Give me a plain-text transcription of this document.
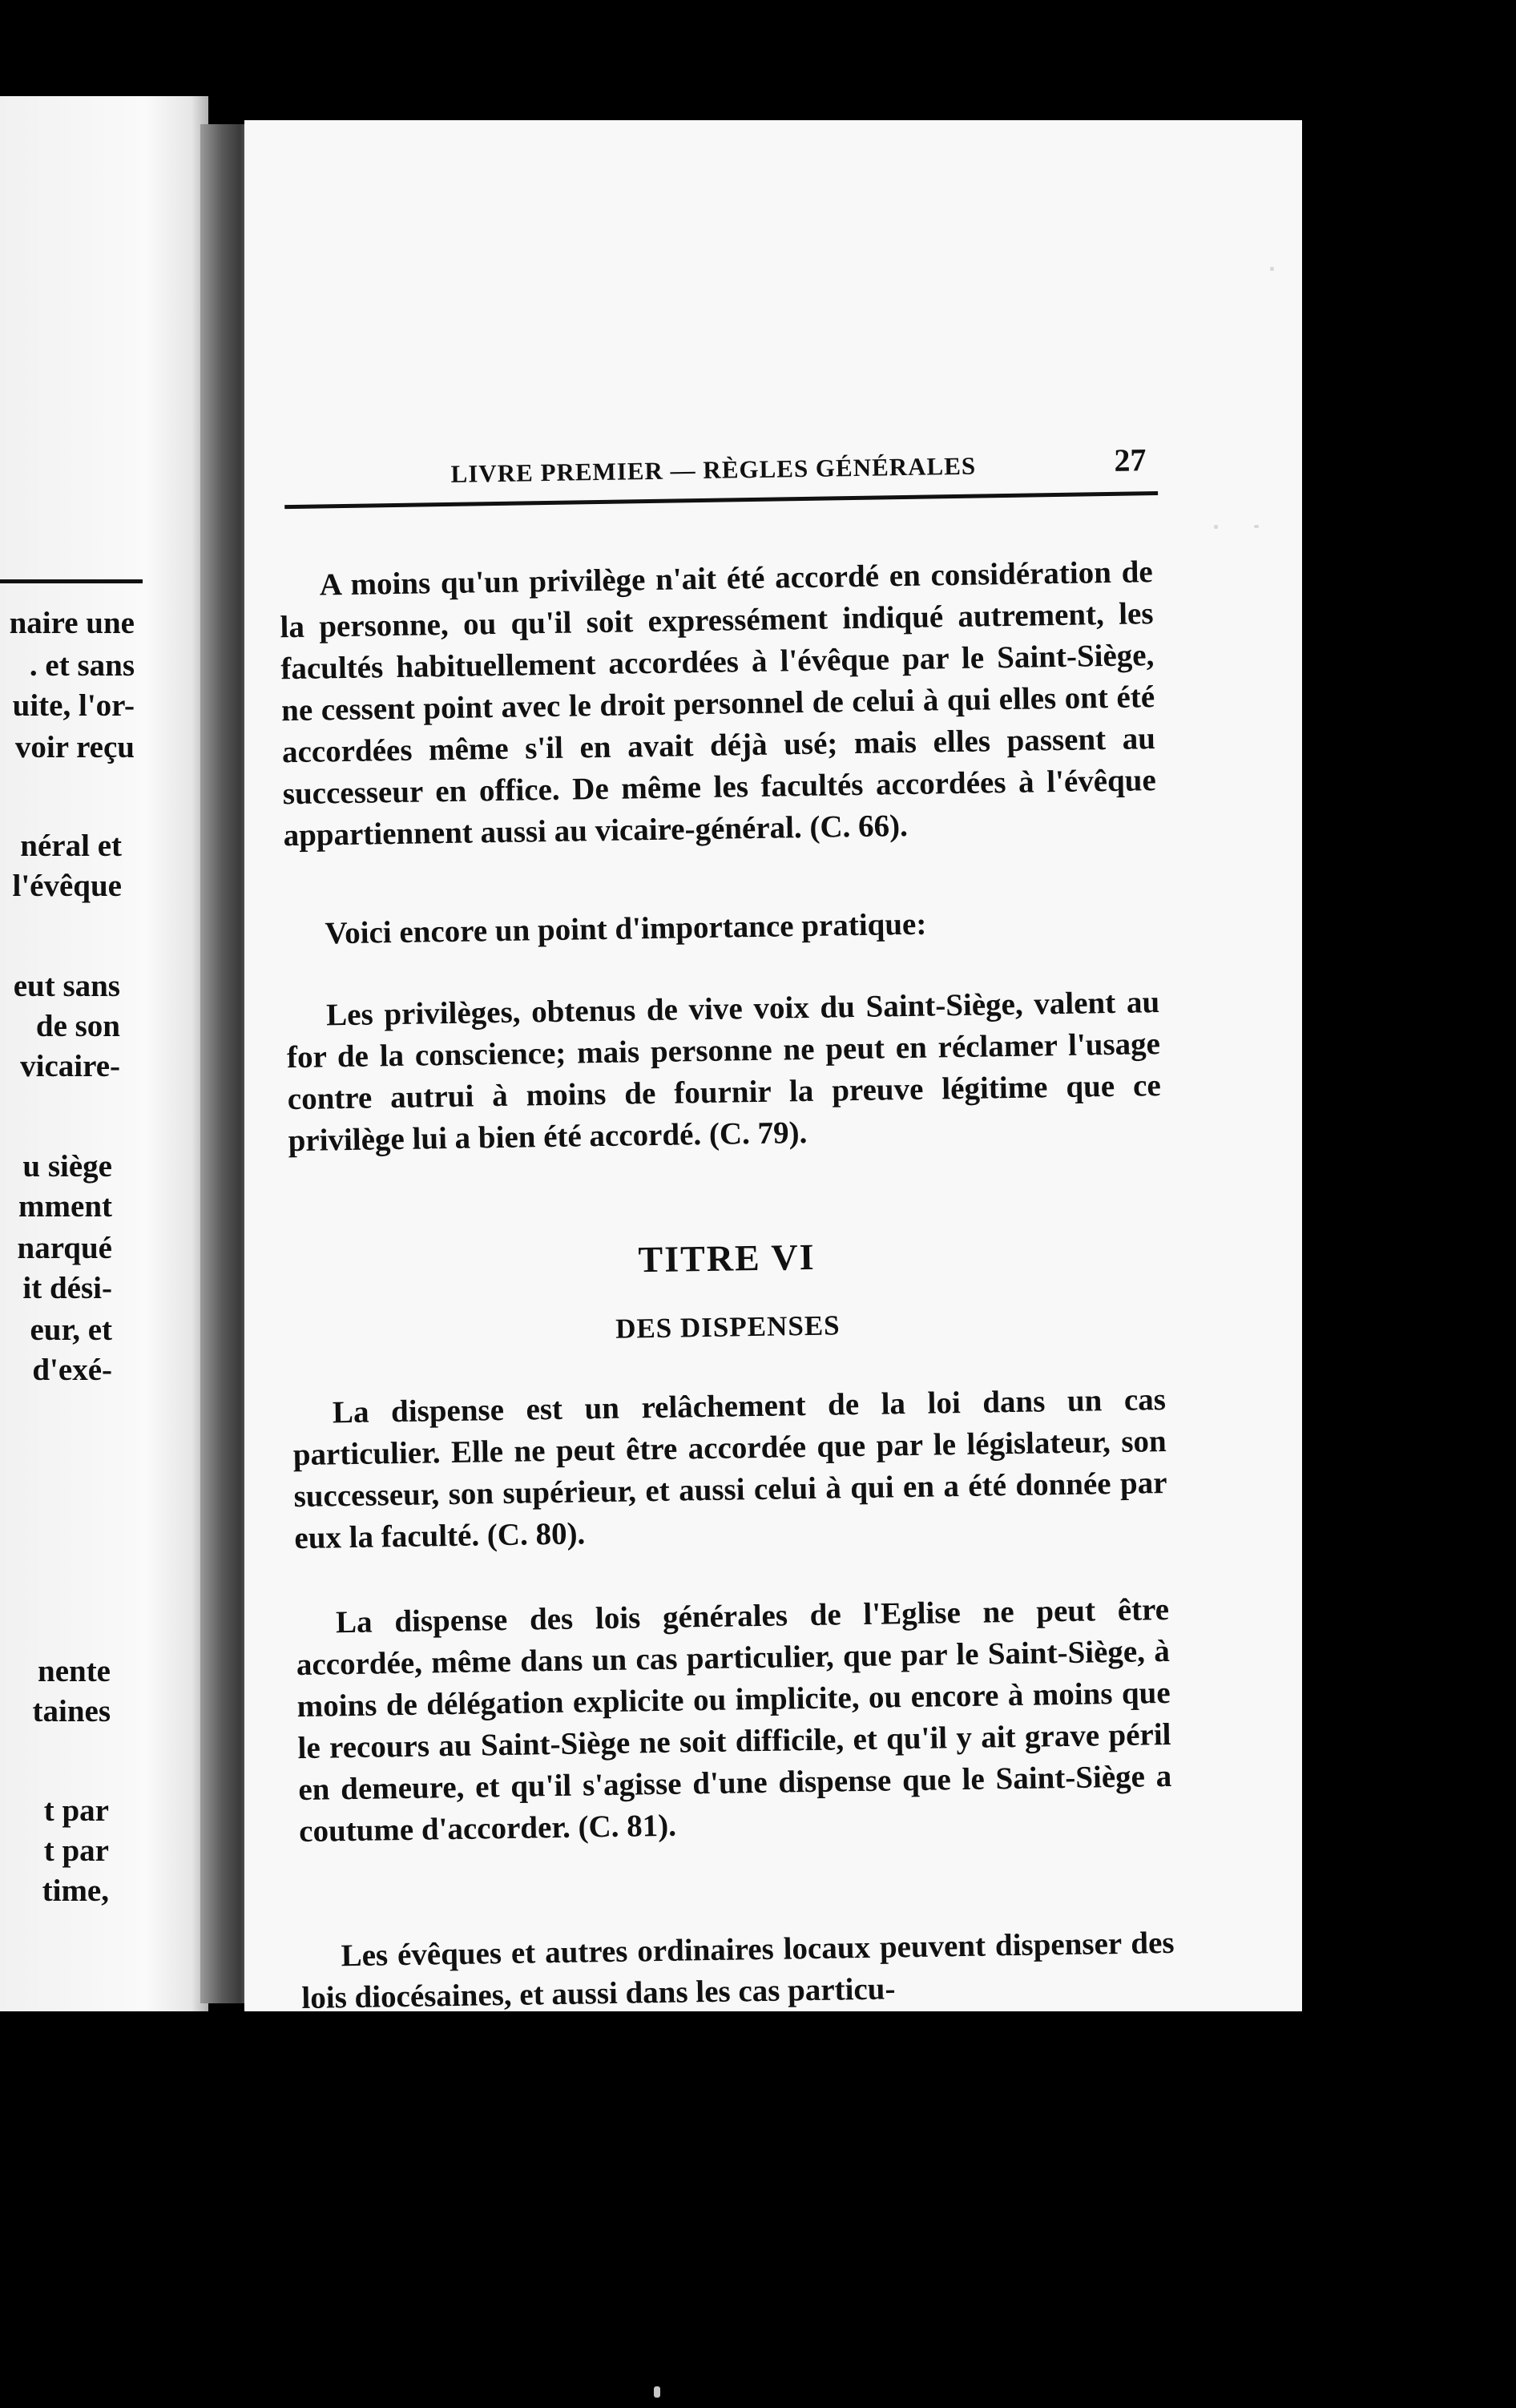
naire une
. et sans
uite, l'or-
voir reçu
néral et
l'évêque
eut sans
de son
vicaire-
u siège
mment
narqué
it dési-
eur, et
d'exé-
nente
taines
t par
t par
time,
LIVRE PREMIER — RÈGLES GÉNÉRALES	27

A moins qu'un privilège n'ait été accordé en considération de la personne, ou qu'il soit expressément indiqué autrement, les facultés habituellement accordées à l'évêque par le Saint-Siège, ne cessent point avec le droit personnel de celui à qui elles ont été accordées même s'il en avait déjà usé; mais elles passent au successeur en office. De même les facultés accordées à l'évêque appartiennent aussi au vicaire-général. (C. 66).

Voici encore un point d'importance pratique:

Les privilèges, obtenus de vive voix du Saint-Siège, valent au for de la conscience; mais personne ne peut en réclamer l'usage contre autrui à moins de fournir la preuve légitime que ce privilège lui a bien été accordé. (C. 79).

TITRE VI
DES DISPENSES

La dispense est un relâchement de la loi dans un cas particulier. Elle ne peut être accordée que par le législateur, son successeur, son supérieur, et aussi celui à qui en a été donnée par eux la faculté. (C. 80).

La dispense des lois générales de l'Eglise ne peut être accordée, même dans un cas particulier, que par le Saint-Siège, à moins de délégation explicite ou implicite, ou encore à moins que le recours au Saint-Siège ne soit difficile, et qu'il y ait grave péril en demeure, et qu'il s'agisse d'une dispense que le Saint-Siège a coutume d'accorder. (C. 81).

Les évêques et autres ordinaires locaux peuvent dispenser des lois diocésaines, et aussi dans les cas particu-
